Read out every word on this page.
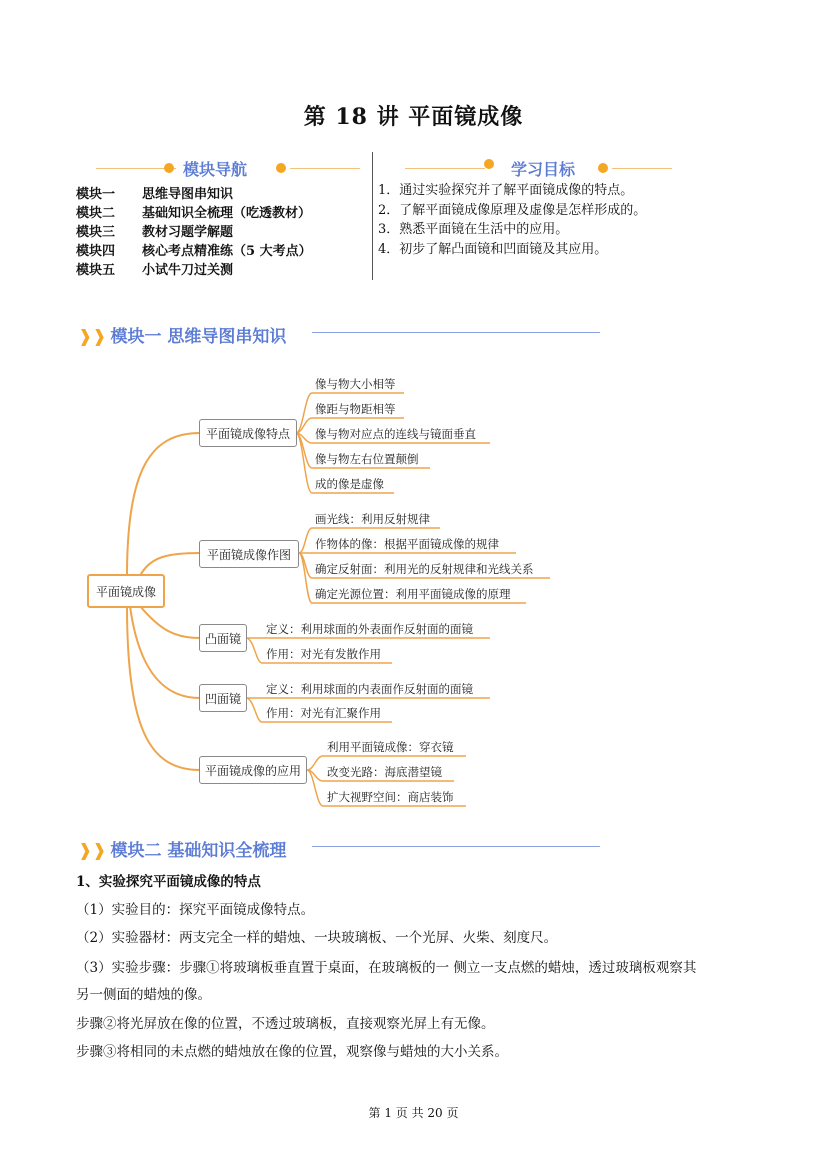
第 18 讲 平面镜成像
模块导航
模块一 思维导图串知识
模块二 基础知识全梳理（吃透教材）
模块三 教材习题学解题
模块四 核心考点精准练（5 大考点）
模块五 小试牛刀过关测
学习目标
1．通过实验探究并了解平面镜成像的特点。
2．了解平面镜成像原理及虚像是怎样形成的。
3．熟悉平面镜在生活中的应用。
4．初步了解凸面镜和凹面镜及其应用。
❱❱ 模块一 思维导图串知识
平面镜成像
平面镜成像特点
平面镜成像作图
凸面镜
凹面镜
平面镜成像的应用
像与物大小相等
像距与物距相等
像与物对应点的连线与镜面垂直
像与物左右位置颠倒
成的像是虚像
画光线：利用反射规律
作物体的像：根据平面镜成像的规律
确定反射面：利用光的反射规律和光线关系
确定光源位置：利用平面镜成像的原理
定义：利用球面的外表面作反射面的面镜
作用：对光有发散作用
定义：利用球面的内表面作反射面的面镜
作用：对光有汇聚作用
利用平面镜成像：穿衣镜
改变光路：海底潜望镜
扩大视野空间：商店装饰
❱❱ 模块二 基础知识全梳理
1、实验探究平面镜成像的特点
（1）实验目的：探究平面镜成像特点。
（2）实验器材：两支完全一样的蜡烛、一块玻璃板、一个光屏、火柴、刻度尺。
（3）实验步骤：步骤①将玻璃板垂直置于桌面，在玻璃板的一 侧立一支点燃的蜡烛，透过玻璃板观察其
另一侧面的蜡烛的像。
步骤②将光屏放在像的位置，不透过玻璃板，直接观察光屏上有无像。
步骤③将相同的未点燃的蜡烛放在像的位置，观察像与蜡烛的大小关系。
第 1 页 共 20 页
